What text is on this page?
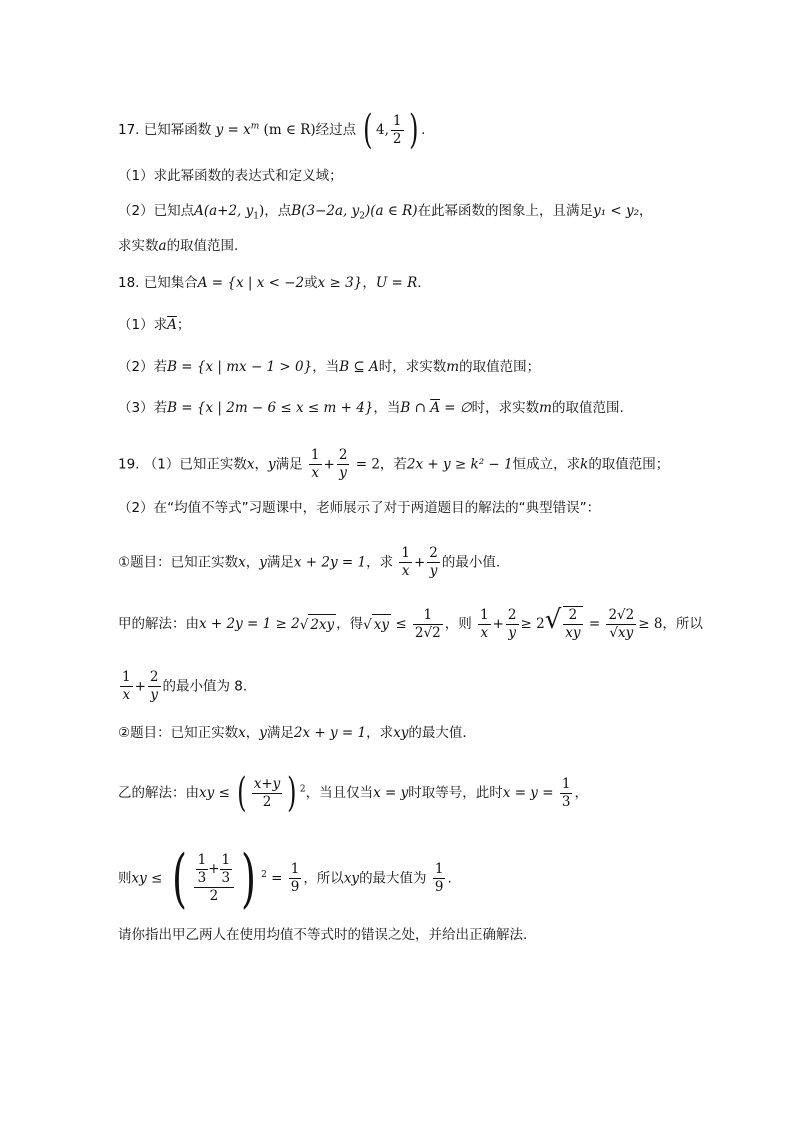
17. 已知幂函数 $y = x^m$ (m ∈ R)经过点 ( 4, $\frac{1}{2}$ ) .
（1）求此幂函数的表达式和定义域；
（2）已知点A(a+2, $y_1$)，点B(3−2a, $y_2)(a$ ∈ R)在此幂函数的图象上，且满足y₁ < y₂，
求实数a的取值范围.
18. 已知集合A = {x | x < −2或x ≥ 3}，U = R.
（1）求$\overline{A}$；
（2）若B = {x | mx − 1 > 0}，当B ⊆ A时，求实数m的取值范围；
（3）若B = {x | 2m − 6 ≤ x ≤ m + 4}，当B ∩ $\overline{A}$ = ∅时，求实数m的取值范围.
19. （1）已知正实数x，y满足 $\frac{1}{x} + \frac{2}{y} = 2$，若2x + y ≥ k² − 1恒成立，求k的取值范围；
（2）在“均值不等式”习题课中，老师展示了对于两道题目的解法的“典型错误”：
①题目：已知正实数x，y满足x + 2y = 1，求 $\frac{1}{x} + \frac{2}{y}$ 的最小值.
甲的解法：由x + 2y = 1 ≥ 2√ 2xy ，得√ xy ≤ $\frac{1}{2√2}$ ，则 $\frac{1}{x} + \frac{2}{y} \ge 2√ \frac{2}{xy} = \frac{2√2}{√xy} \ge 8$，所以
$\frac{1}{x} + \frac{2}{y}$ 的最小值为 8.
②题目：已知正实数x，y满足2x + y = 1，求xy的最大值.
乙的解法：由xy ≤ ( $\frac{x+y}{2}$ ) $^2$，当且仅当x = y时取等号，此时$x = y = \frac{1}{3}$ ，
则xy ≤ ( $\frac{\frac{1}{3} + \frac{1}{3}}{2}$ ) $^2 = \frac{1}{9}$ ，所以xy的最大值为 $\frac{1}{9}$ .
请你指出甲乙两人在使用均值不等式时的错误之处，并给出正确解法.
